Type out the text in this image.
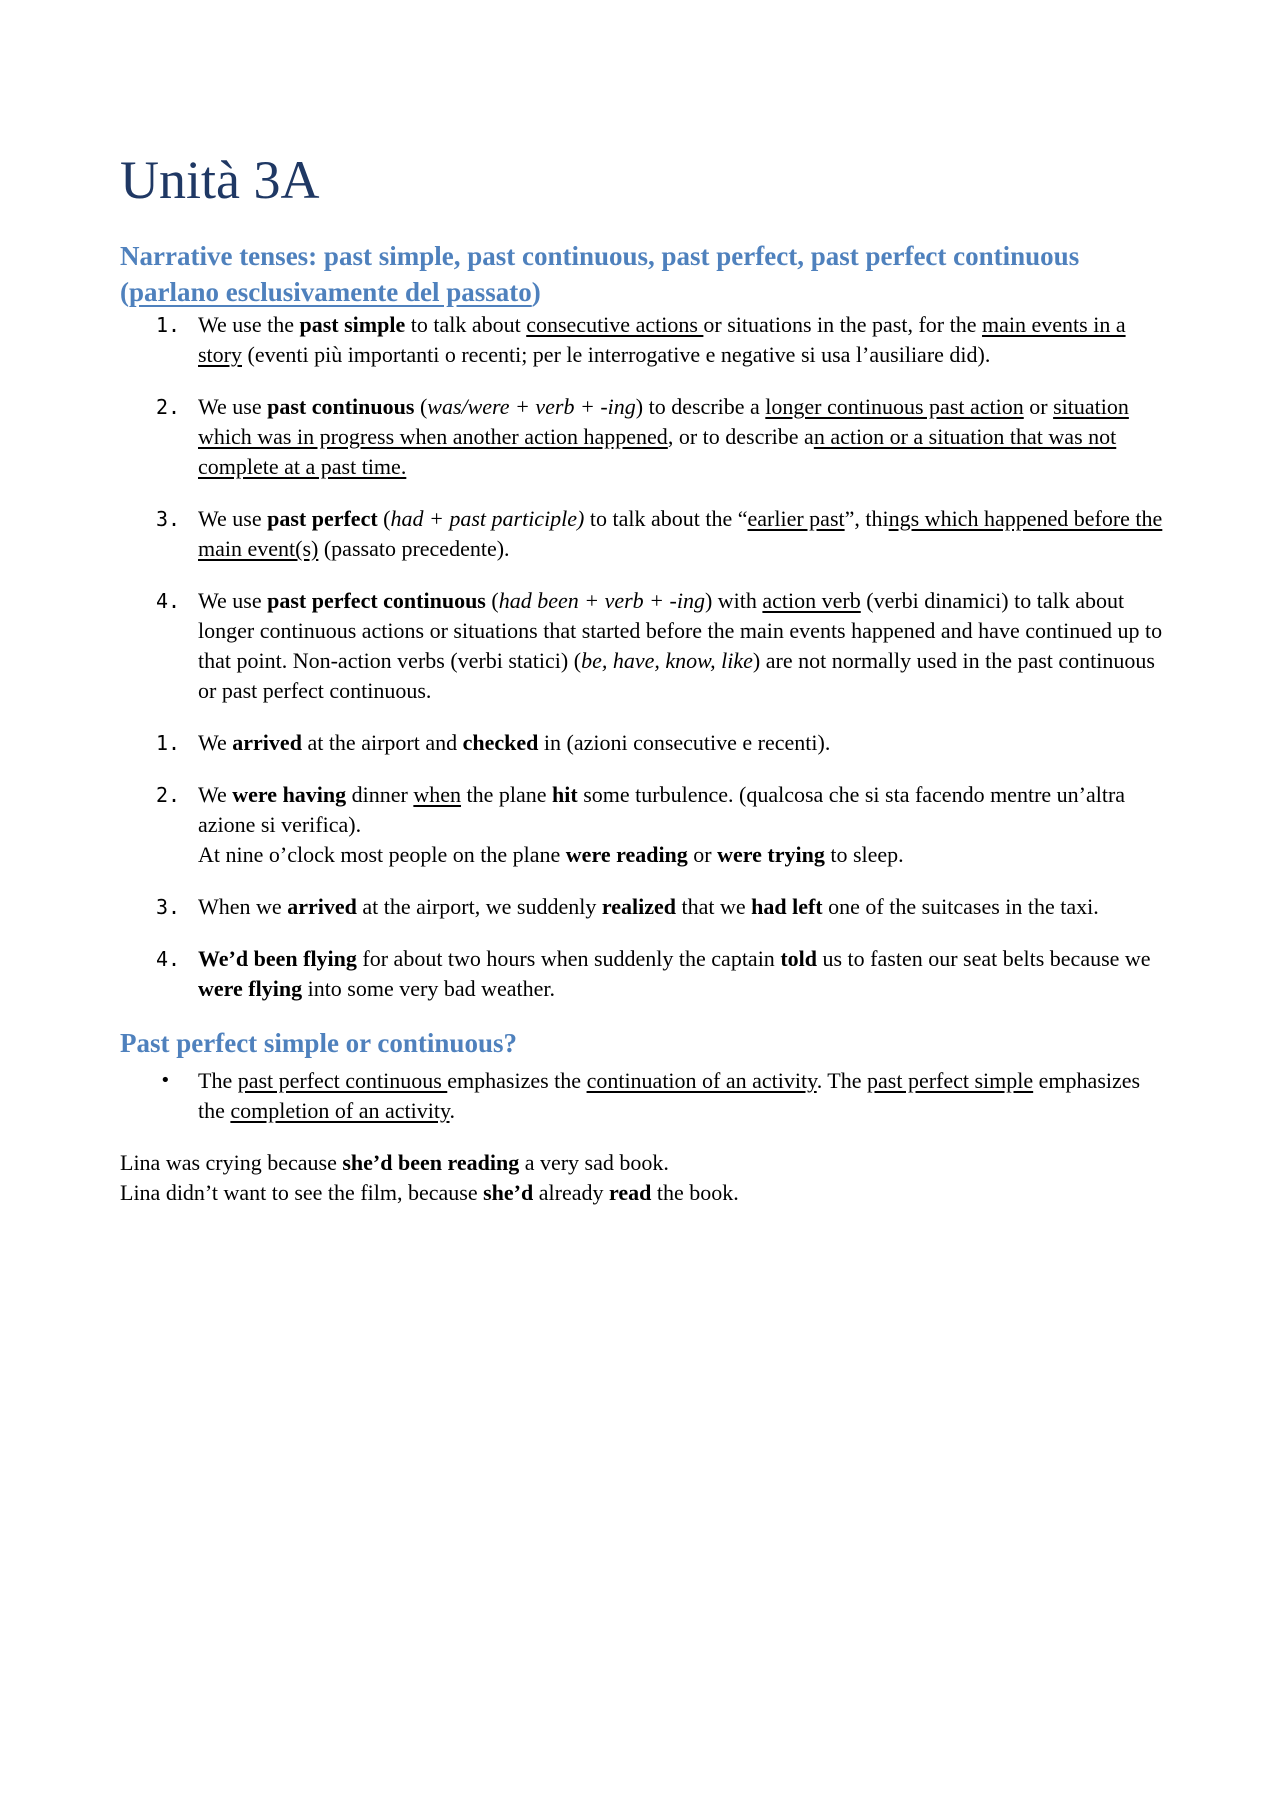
Unità 3A
Narrative tenses: past simple, past continuous, past perfect, past perfect continuous
(parlano esclusivamente del passato)
1. We use the past simple to talk about consecutive actions or situations in the past, for the main events in a story (eventi più importanti o recenti; per le interrogative e negative si usa l’ausiliare did).
2. We use past continuous (was/were + verb + -ing) to describe a longer continuous past action or situation which was in progress when another action happened, or to describe an action or a situation that was not complete at a past time.
3. We use past perfect (had + past participle) to talk about the “earlier past”, things which happened before the main event(s) (passato precedente).
4. We use past perfect continuous (had been + verb + -ing) with action verb (verbi dinamici) to talk about longer continuous actions or situations that started before the main events happened and have continued up to that point. Non-action verbs (verbi statici) (be, have, know, like) are not normally used in the past continuous or past perfect continuous.
1. We arrived at the airport and checked in (azioni consecutive e recenti).
2. We were having dinner when the plane hit some turbulence. (qualcosa che si sta facendo mentre un’altra azione si verifica).
At nine o’clock most people on the plane were reading or were trying to sleep.
3. When we arrived at the airport, we suddenly realized that we had left one of the suitcases in the taxi.
4. We’d been flying for about two hours when suddenly the captain told us to fasten our seat belts because we were flying into some very bad weather.
Past perfect simple or continuous?
• The past perfect continuous emphasizes the continuation of an activity. The past perfect simple emphasizes the completion of an activity.
Lina was crying because she’d been reading a very sad book.
Lina didn’t want to see the film, because she’d already read the book.
